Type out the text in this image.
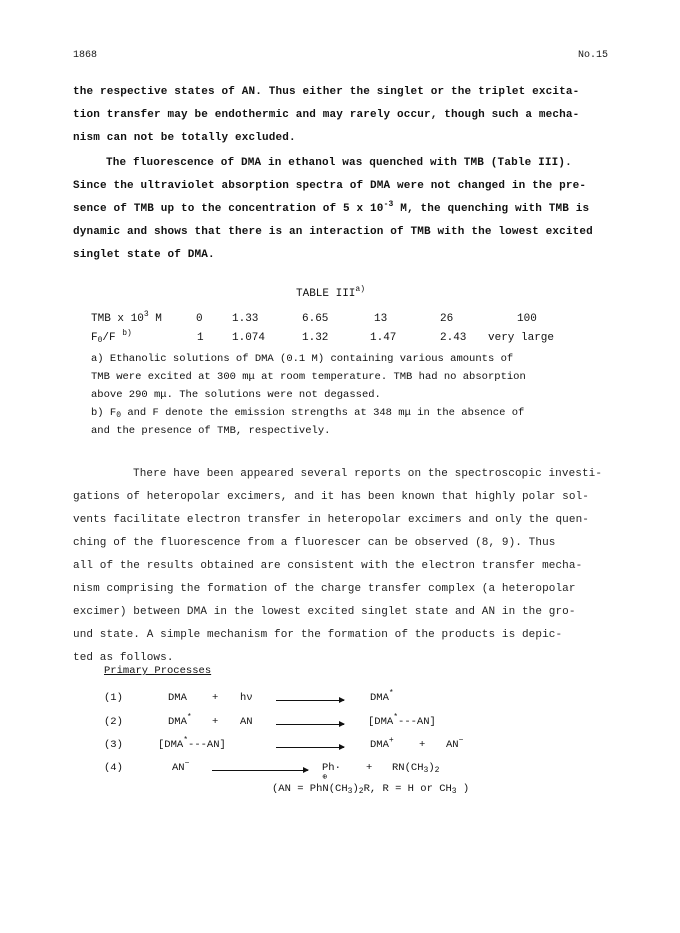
1868	No.15
the respective states of AN. Thus either the singlet or the triplet excita-
tion transfer may be endothermic and may rarely occur, though such a mecha-
nism can not be totally excluded.
The fluorescence of DMA in ethanol was quenched with TMB (Table III).
Since the ultraviolet absorption spectra of DMA were not changed in the pre-
sence of TMB up to the concentration of 5 x $10^{-3}$ M, the quenching with TMB is
dynamic and shows that there is an interaction of TMB with the lowest excited
singlet state of DMA.
TABLE III$^{a)}$
TMB x $10^3$ M	0	1.33	6.65	13	26	100
$F_0/F$ $^{b)}$	1	1.074	1.32	1.47	2.43 very large
a) Ethanolic solutions of DMA (0.1 M) containing various amounts of
TMB were excited at 300 mμ at room temperature. TMB had no absorption
above 290 mμ. The solutions were not degassed.
b) $F_0$ and F denote the emission strengths at 348 mμ in the absence of
and the presence of TMB, respectively.
There have been appeared several reports on the spectroscopic investi-
gations of heteropolar excimers, and it has been known that highly polar sol-
vents facilitate electron transfer in heteropolar excimers and only the quen-
ching of the fluorescence from a fluorescer can be observed (8, 9). Thus
all of the results obtained are consistent with the electron transfer mecha-
nism comprising the formation of the charge transfer complex (a heteropolar
excimer) between DMA in the lowest excited singlet state and AN in the gro-
und state. A simple mechanism for the formation of the products is depic-
ted as follows.
Primary Processes
(1)	DMA + hν	DMA*
(2)	DMA* + AN	[DMA*---AN]
(3)	[DMA*---AN]	DMA+ + AN−
(4)	AN−	$Ph\cdot + RN(CH_3)_2$
(AN = Ph
⊕
$N(CH_3)_2R$, R = H or $CH_3$ )
